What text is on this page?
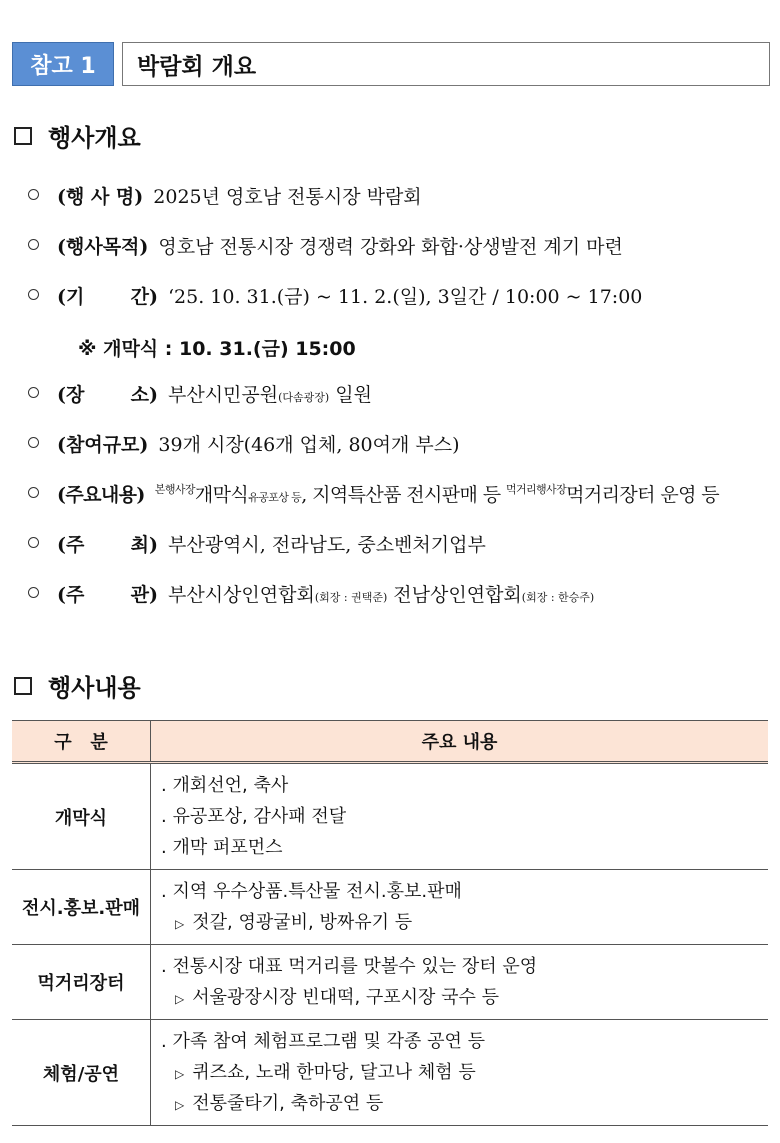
참고 1	박람회 개요
행사개요
(행 사 명) 2025년 영호남 전통시장 박람회
(행사목적) 영호남 전통시장 경쟁력 강화와 화합·상생발전 계기 마련
(기       간) ‘25. 10. 31.(금) ~ 11. 2.(일), 3일간 / 10:00 ~ 17:00
※ 개막식 : 10. 31.(금) 15:00
(장       소) 부산시민공원 (다솜광장) 일원
(참여규모) 39개 시장(46개 업체, 80여개 부스)
(주요내용) 본행사장 개막식 유공포상 등 , 지역특산품 전시판매 등 먹거리행사장 먹거리장터 운영 등
(주       최) 부산광역시, 전라남도, 중소벤처기업부
(주       관) 부산시상인연합회 (회장 : 권택준) 전남상인연합회 (회장 : 한승주)
행사내용
구   분	주요 내용
개막식	. 개회선언, 축사
. 유공포상, 감사패 전달
. 개막 퍼포먼스

전시.홍보.판매	. 지역 우수상품.특산물 전시.홍보.판매
▷ 젓갈, 영광굴비, 방짜유기 등

먹거리장터	. 전통시장 대표 먹거리를 맛볼수 있는 장터 운영
▷ 서울광장시장 빈대떡, 구포시장 국수 등

체험/공연	. 가족 참여 체험프로그램 및 각종 공연 등
▷ 퀴즈쇼, 노래 한마당, 달고나 체험 등
▷ 전통줄타기, 축하공연 등
